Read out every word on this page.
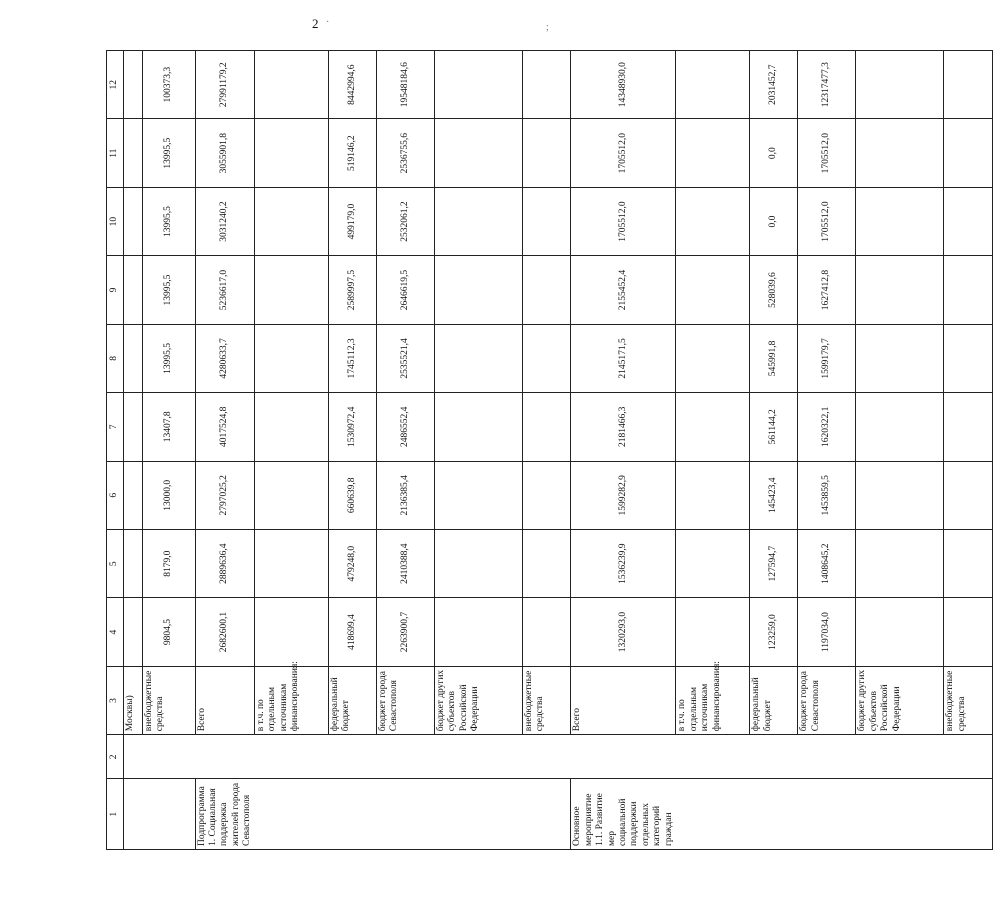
2 ·	;
1	2	3	4	5	6	7	8	9	10	11	12
		Москвы)									
		внебюджетные средства	9804,5	8179,0	13000,0	13407,8	13995,5	13995,5	13995,5	13995,5	100373,3
Подпрограмма 1. Социальная поддержка жителей города Севастополя		Всего	2682600,1	2889636,4	2797025,2	4017524,8	4280633,7	5236617,0	3031240,2	3055901,8	27991179,2
		в т.ч. по отдельным источникам финансирования:									
		федеральный бюджет	418699,4	479248,0	660639,8	1530972,4	1745112,3	2589997,5	499179,0	519146,2	8442994,6
		бюджет города Севастополя	2263900,7	2410388,4	2136385,4	2486552,4	2535521,4	2646619,5	2532061,2	2536755,6	19548184,6
		бюджет других субъектов Российской Федерации									
		внебюджетные средства									
Основное мероприятие 1.1. Развитие мер социальной поддержки отдельных категорий граждан		Всего	1320293,0	1536239,9	1599282,9	2181466,3	2145171,5	2155452,4	1705512,0	1705512,0	14348930,0
		в т.ч. по отдельным источникам финансирования:									
		федеральный бюджет	123259,0	127594,7	145423,4	561144,2	545991,8	528039,6	0,0	0,0	2031452,7
		бюджет города Севастополя	1197034,0	1408645,2	1453859,5	1620322,1	1599179,7	1627412,8	1705512,0	1705512,0	12317477,3
		бюджет других субъектов Российской Федерации									
		внебюджетные средства									
